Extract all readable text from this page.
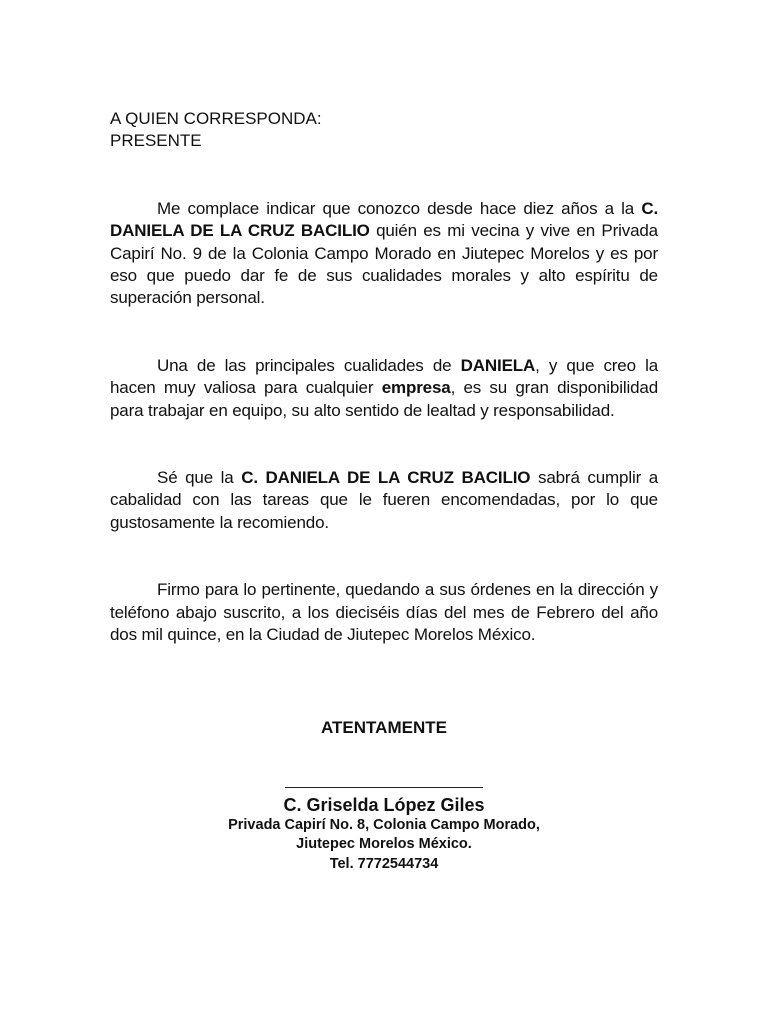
A QUIEN CORRESPONDA:
PRESENTE

Me complace indicar que conozco desde hace diez años a la C. DANIELA DE LA CRUZ BACILIO quién es mi vecina y vive en Privada Capirí No. 9 de la Colonia Campo Morado en Jiutepec Morelos y es por eso que puedo dar fe de sus cualidades morales y alto espíritu de superación personal.

Una de las principales cualidades de DANIELA, y que creo la hacen muy valiosa para cualquier empresa, es su gran disponibilidad para trabajar en equipo, su alto sentido de lealtad y responsabilidad.

Sé que la C. DANIELA DE LA CRUZ BACILIO sabrá cumplir a cabalidad con las tareas que le fueren encomendadas, por lo que gustosamente la recomiendo.

Firmo para lo pertinente, quedando a sus órdenes en la dirección y teléfono abajo suscrito, a los dieciséis días del mes de Febrero del año dos mil quince, en la Ciudad de Jiutepec Morelos México.

ATENTAMENTE
C. Griselda López Giles
Privada Capirí No. 8, Colonia Campo Morado,
Jiutepec Morelos México.
Tel. 7772544734
